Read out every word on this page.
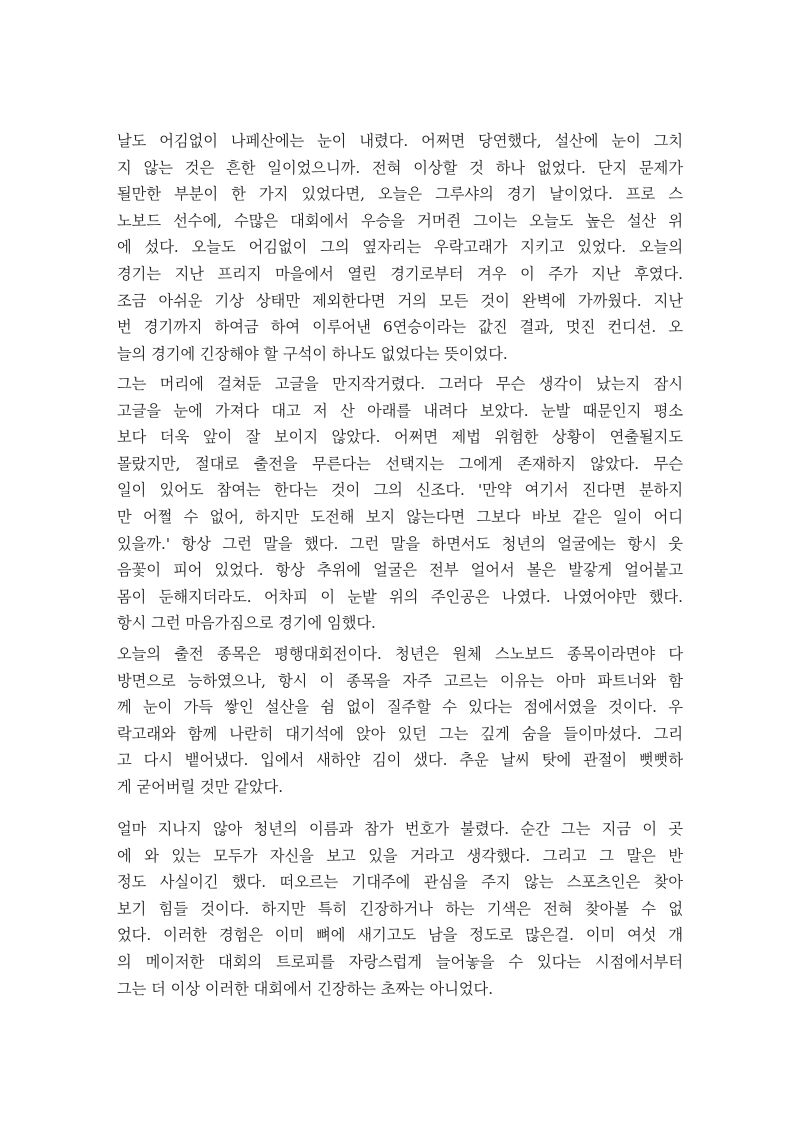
날도 어김없이 나페산에는 눈이 내렸다. 어쩌면 당연했다, 설산에 눈이 그치
지 않는 것은 흔한 일이었으니까. 전혀 이상할 것 하나 없었다. 단지 문제가
될만한 부분이 한 가지 있었다면, 오늘은 그루샤의 경기 날이었다. 프로 스
노보드 선수에, 수많은 대회에서 우승을 거머쥔 그이는 오늘도 높은 설산 위
에 섰다. 오늘도 어김없이 그의 옆자리는 우락고래가 지키고 있었다. 오늘의
경기는 지난 프리지 마을에서 열린 경기로부터 겨우 이 주가 지난 후였다.
조금 아쉬운 기상 상태만 제외한다면 거의 모든 것이 완벽에 가까웠다. 지난
번 경기까지 하여금 하여 이루어낸 6연승이라는 값진 결과, 멋진 컨디션. 오
늘의 경기에 긴장해야 할 구석이 하나도 없었다는 뜻이었다.
그는 머리에 걸쳐둔 고글을 만지작거렸다. 그러다 무슨 생각이 났는지 잠시
고글을 눈에 가져다 대고 저 산 아래를 내려다 보았다. 눈발 때문인지 평소
보다 더욱 앞이 잘 보이지 않았다. 어쩌면 제법 위험한 상황이 연출될지도
몰랐지만, 절대로 출전을 무른다는 선택지는 그에게 존재하지 않았다. 무슨
일이 있어도 참여는 한다는 것이 그의 신조다. '만약 여기서 진다면 분하지
만 어쩔 수 없어, 하지만 도전해 보지 않는다면 그보다 바보 같은 일이 어디
있을까.' 항상 그런 말을 했다. 그런 말을 하면서도 청년의 얼굴에는 항시 웃
음꽃이 피어 있었다. 항상 추위에 얼굴은 전부 얼어서 볼은 발갛게 얼어붙고
몸이 둔해지더라도. 어차피 이 눈밭 위의 주인공은 나였다. 나였어야만 했다.
항시 그런 마음가짐으로 경기에 임했다.
오늘의 출전 종목은 평행대회전이다. 청년은 원체 스노보드 종목이라면야 다
방면으로 능하였으나, 항시 이 종목을 자주 고르는 이유는 아마 파트너와 함
께 눈이 가득 쌓인 설산을 쉼 없이 질주할 수 있다는 점에서였을 것이다. 우
락고래와 함께 나란히 대기석에 앉아 있던 그는 깊게 숨을 들이마셨다. 그리
고 다시 뱉어냈다. 입에서 새하얀 김이 샜다. 추운 날씨 탓에 관절이 뻣뻣하
게 굳어버릴 것만 같았다.
얼마 지나지 않아 청년의 이름과 참가 번호가 불렸다. 순간 그는 지금 이 곳
에 와 있는 모두가 자신을 보고 있을 거라고 생각했다. 그리고 그 말은 반
정도 사실이긴 했다. 떠오르는 기대주에 관심을 주지 않는 스포츠인은 찾아
보기 힘들 것이다. 하지만 특히 긴장하거나 하는 기색은 전혀 찾아볼 수 없
었다. 이러한 경험은 이미 뼈에 새기고도 남을 정도로 많은걸. 이미 여섯 개
의 메이저한 대회의 트로피를 자랑스럽게 늘어놓을 수 있다는 시점에서부터
그는 더 이상 이러한 대회에서 긴장하는 초짜는 아니었다.
